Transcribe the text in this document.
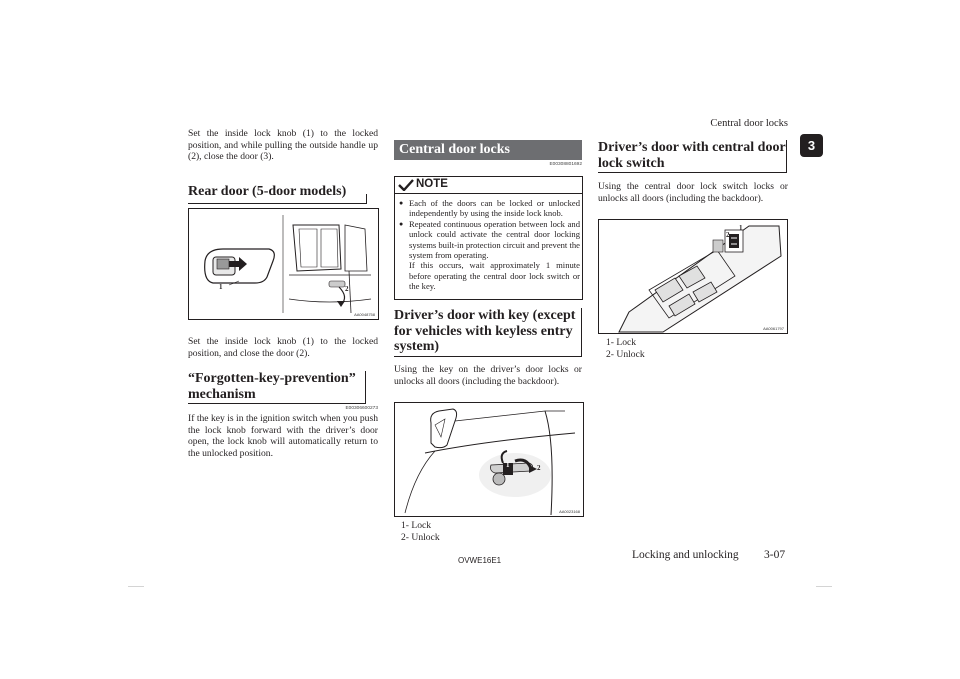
Central door locks
3
Set the inside lock knob (1) to the locked position, and while pulling the outside handle up (2), close the door (3).
Rear door (5-door models)
1	2
AA0048758
Set the inside lock knob (1) to the locked position, and close the door (2).
“Forgotten-key-prevention” mechanism
E00306600273
If the key is in the ignition switch when you push the lock knob forward with the driver’s door open, the lock knob will automatically return to the unlocked position.
Central door locks
E00308801692
NOTE
● Each of the doors can be locked or unlocked independently by using the inside lock knob.
● Repeated continuous operation between lock and unlock could activate the central door locking systems built-in protection circuit and prevent the system from operating.
If this occurs, wait approximately 1 minute before operating the central door lock switch or the key.
Driver’s door with key (except for vehicles with keyless entry system)
Using the key on the driver’s door locks or unlocks all doors (including the backdoor).
1	2
AA0023168
1- Lock
2- Unlock
Driver’s door with central door lock switch
Using the central door lock switch locks or unlocks all doors (including the backdoor).
1
2
AA0061797
1- Lock
2- Unlock
OVWE16E1	Locking and unlocking 3-07
